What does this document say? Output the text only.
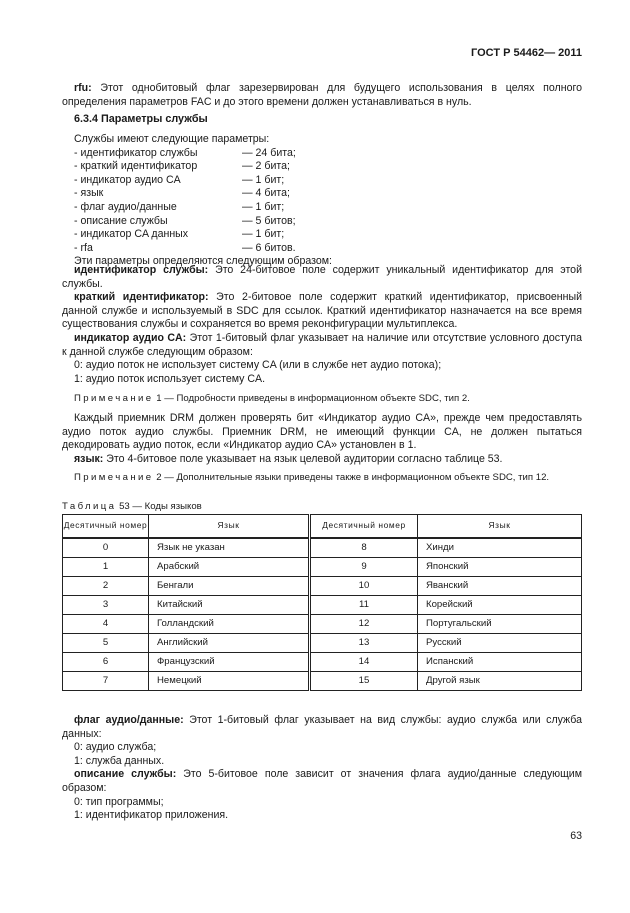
ГОСТ Р 54462— 2011

rfu: Этот однобитовый флаг зарезервирован для будущего использования в целях полного определения параметров FAC и до этого времени должен устанавливаться в нуль.

6.3.4 Параметры службы
Службы имеют следующие параметры:
- идентификатор службы	— 24 бита;
- краткий идентификатор	— 2 бита;
- индикатор аудио CA	— 1 бит;
- язык	— 4 бита;
- флаг аудио/данные	— 1 бит;
- описание службы	— 5 битов;
- индикатор CA данных	— 1 бит;
- rfa	— 6 битов.
Эти параметры определяются следующим образом:

идентификатор службы: Это 24-битовое поле содержит уникальный идентификатор для этой службы.

краткий идентификатор: Это 2-битовое поле содержит краткий идентификатор, присвоенный данной службе и используемый в SDC для ссылок. Краткий идентификатор назначается на все время существования службы и сохраняется во время реконфигурации мультиплекса.

индикатор аудио CA: Этот 1-битовый флаг указывает на наличие или отсутствие условного доступа к данной службе следующим образом:

0: аудио поток не использует систему CA (или в службе нет аудио потока);

1: аудио поток использует систему CA.

Примечание 1 — Подробности приведены в информационном объекте SDC, тип 2.

Каждый приемник DRM должен проверять бит «Индикатор аудио CA», прежде чем предоставлять аудио поток аудио службы. Приемник DRM, не имеющий функции CA, не должен пытаться декодировать аудио поток, если «Индикатор аудио CA» установлен в 1.

язык: Это 4-битовое поле указывает на язык целевой аудитории согласно таблице 53.

Примечание 2 — Дополнительные языки приведены также в информационном объекте SDC, тип 12.

Таблица 53 — Коды языков
Десятичный номер	Язык	Десятичный номер	Язык
0	Язык не указан	8	Хинди
1	Арабский	9	Японский
2	Бенгали	10	Яванский
3	Китайский	11	Корейский
4	Голландский	12	Португальский
5	Английский	13	Русский
6	Французский	14	Испанский
7	Немецкий	15	Другой язык

флаг аудио/данные: Этот 1-битовый флаг указывает на вид службы: аудио служба или служба данных:

0: аудио служба;

1: служба данных.

описание службы: Это 5-битовое поле зависит от значения флага аудио/данные следующим образом:

0: тип программы;

1: идентификатор приложения.

63
